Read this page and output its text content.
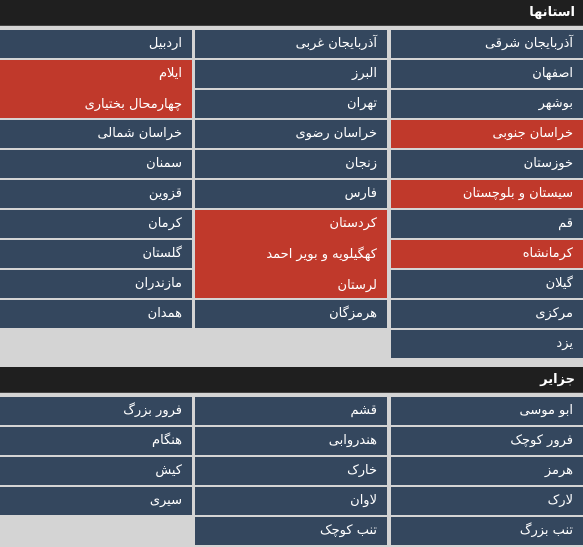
استانها
آذربایجان شرقی
اصفهان
بوشهر
خراسان جنوبی
خوزستان
سیستان و بلوچستان
قم
کرمانشاه
گیلان
مرکزی
یزد
آذربایجان غربی
البرز
تهران
خراسان رضوی
زنجان
فارس
کردستان
کهگیلویه و بویر احمد
لرستان
هرمزگان
اردبیل
ایلام
چهارمحال بختیاری
خراسان شمالی
سمنان
قزوین
کرمان
گلستان
مازندران
همدان
جزایر
ابو موسی
فرور کوچک
هرمز
لارک
تنب بزرگ
قشم
هندروابی
خارک
لاوان
تنب کوچک
فرور بزرگ
هنگام
کیش
سیری
